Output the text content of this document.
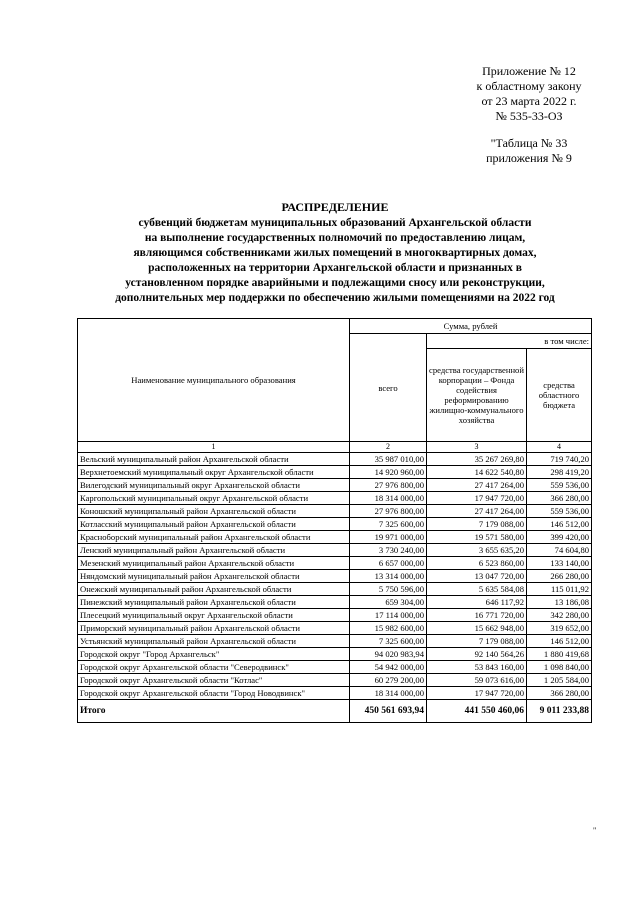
Приложение № 12
к областному закону
от 23 марта 2022 г.
№ 535-33-ОЗ
"Таблица № 33
приложения № 9
РАСПРЕДЕЛЕНИЕ
субвенций бюджетам муниципальных образований Архангельской области
на выполнение государственных полномочий по предоставлению лицам,
являющимся собственниками жилых помещений в многоквартирных домах,
расположенных на территории Архангельской области и признанных в
установленном порядке аварийными и подлежащими сносу или реконструкции,
дополнительных мер поддержки по обеспечению жилыми помещениями на 2022 год
Наименование муниципального образования	Сумма, рублей		
	всего	в том числе:	
		средства государственной корпорации – Фонда содействия реформированию жилищно-коммунального хозяйства	средства областного бюджета
1	2	3	4
Вельский муниципальный район Архангельской области	35 987 010,00	35 267 269,80	719 740,20
Верхнетоемский муниципальный округ Архангельской области	14 920 960,00	14 622 540,80	298 419,20
Вилегодский муниципальный округ Архангельской области	27 976 800,00	27 417 264,00	559 536,00
Каргопольский муниципальный округ Архангельской области	18 314 000,00	17 947 720,00	366 280,00
Коношский муниципальный район Архангельской области	27 976 800,00	27 417 264,00	559 536,00
Котласский муниципальный район Архангельской области	7 325 600,00	7 179 088,00	146 512,00
Красноборский муниципальный район Архангельской области	19 971 000,00	19 571 580,00	399 420,00
Ленский муниципальный район Архангельской области	3 730 240,00	3 655 635,20	74 604,80
Мезенский муниципальный район Архангельской области	6 657 000,00	6 523 860,00	133 140,00
Няндомский муниципальный район Архангельской области	13 314 000,00	13 047 720,00	266 280,00
Онежский муниципальный район Архангельской области	5 750 596,00	5 635 584,08	115 011,92
Пинежский муниципальный район Архангельской области	659 304,00	646 117,92	13 186,08
Плесецкий муниципальный округ Архангельской области	17 114 000,00	16 771 720,00	342 280,00
Приморский муниципальный район Архангельской области	15 982 600,00	15 662 948,00	319 652,00
Устьянский муниципальный район Архангельской области	7 325 600,00	7 179 088,00	146 512,00
Городской округ "Город Архангельск"	94 020 983,94	92 140 564,26	1 880 419,68
Городской округ Архангельской области "Северодвинск"	54 942 000,00	53 843 160,00	1 098 840,00
Городской округ Архангельской области "Котлас"	60 279 200,00	59 073 616,00	1 205 584,00
Городской округ Архангельской области "Город Новодвинск"	18 314 000,00	17 947 720,00	366 280,00
Итого	450 561 693,94	441 550 460,06	9 011 233,88
"
